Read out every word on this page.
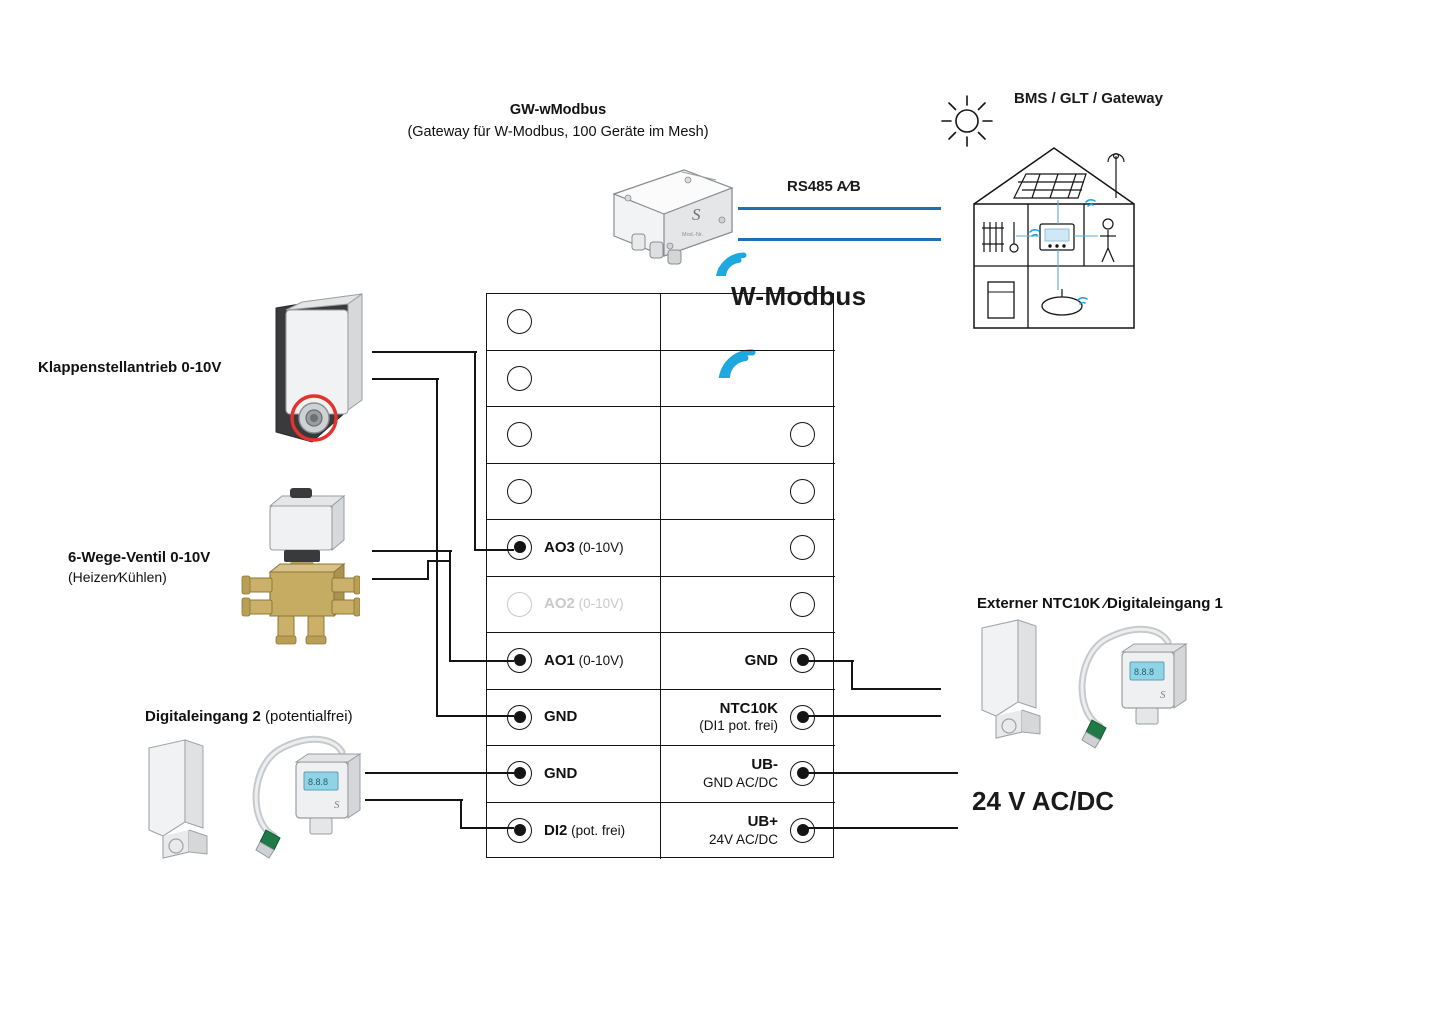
GW-wModbus
(Gateway für W-Modbus, 100 Geräte im Mesh)
S
Mod.-Nr.
RS485 A∕B
BMS / GLT / Gateway
W-Modbus
AO3 (0-10V)
AO2 (0-10V)
AO1 (0-10V)	GND
GND	NTC10K
(DI1 pot. frei)
GND	UB-
GND AC/DC
DI2 (pot. frei)	UB+
24V AC/DC
Klappenstellantrieb 0-10V
6-Wege-Ventil 0-10V
(Heizen∕Kühlen)
Digitaleingang 2 (potentialfrei)
Externer NTC10K ∕Digitaleingang 1
8.8.8
S
8.8.8
S
24 V AC/DC
